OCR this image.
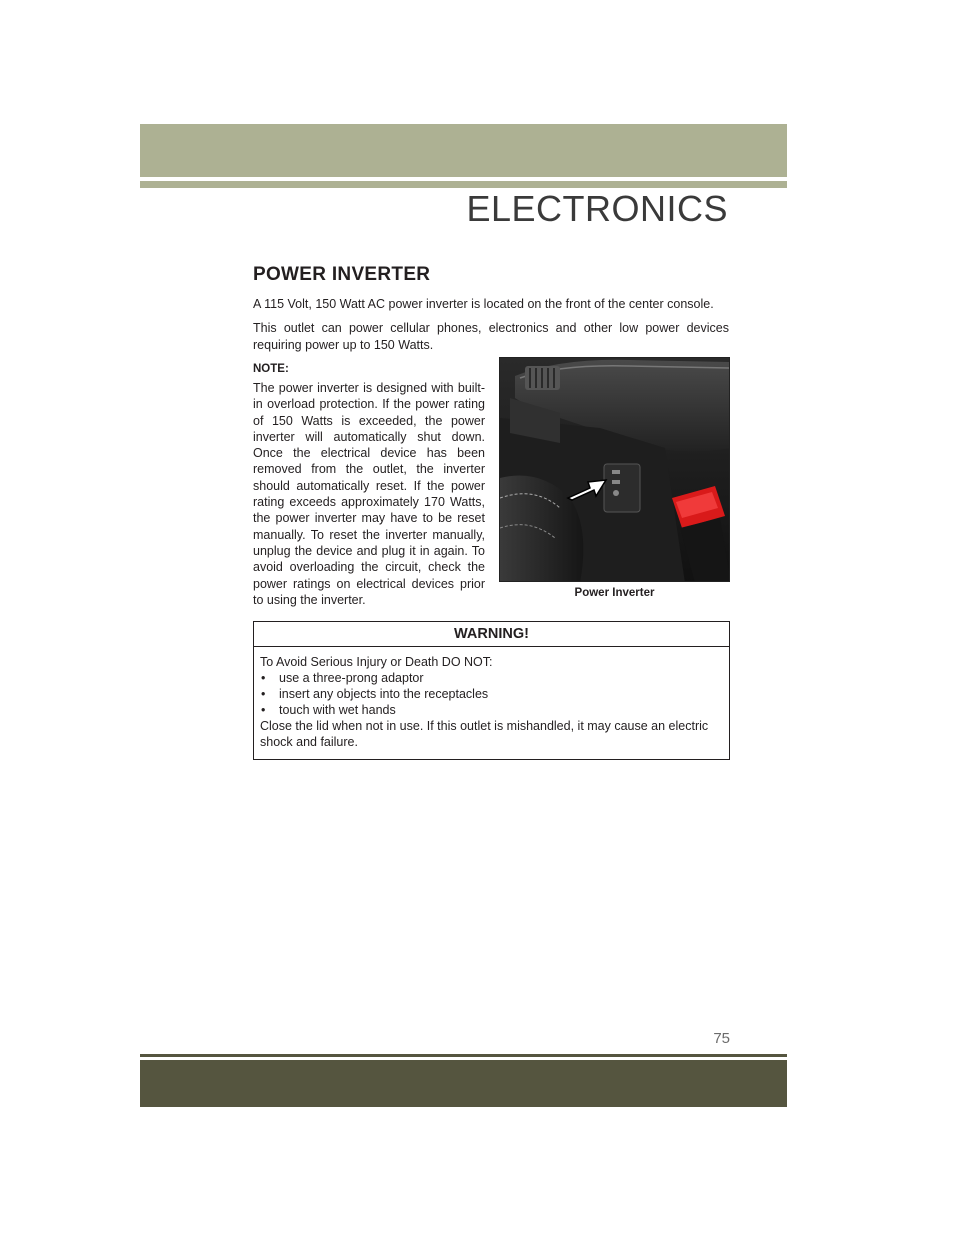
ELECTRONICS
POWER INVERTER

A 115 Volt, 150 Watt AC power inverter is located on the front of the center console.

This outlet can power cellular phones, electronics and other low power devices requiring power up to 150 Watts.

NOTE:

The power inverter is designed with built-in overload protection. If the power rating of 150 Watts is exceeded, the power inverter will automatically shut down. Once the electrical device has been removed from the outlet, the inverter should automatically reset. If the power rating exceeds approximately 170 Watts, the power inverter may have to be reset manually. To reset the inverter manually, unplug the device and plug it in again. To avoid overloading the circuit, check the power ratings on electrical devices prior to using the inverter.	Power Inverter
WARNING!

To Avoid Serious Injury or Death DO NOT:

• use a three-prong adaptor
• insert any objects into the receptacles
• touch with wet hands

Close the lid when not in use. If this outlet is mishandled, it may cause an electric shock and failure.

75
